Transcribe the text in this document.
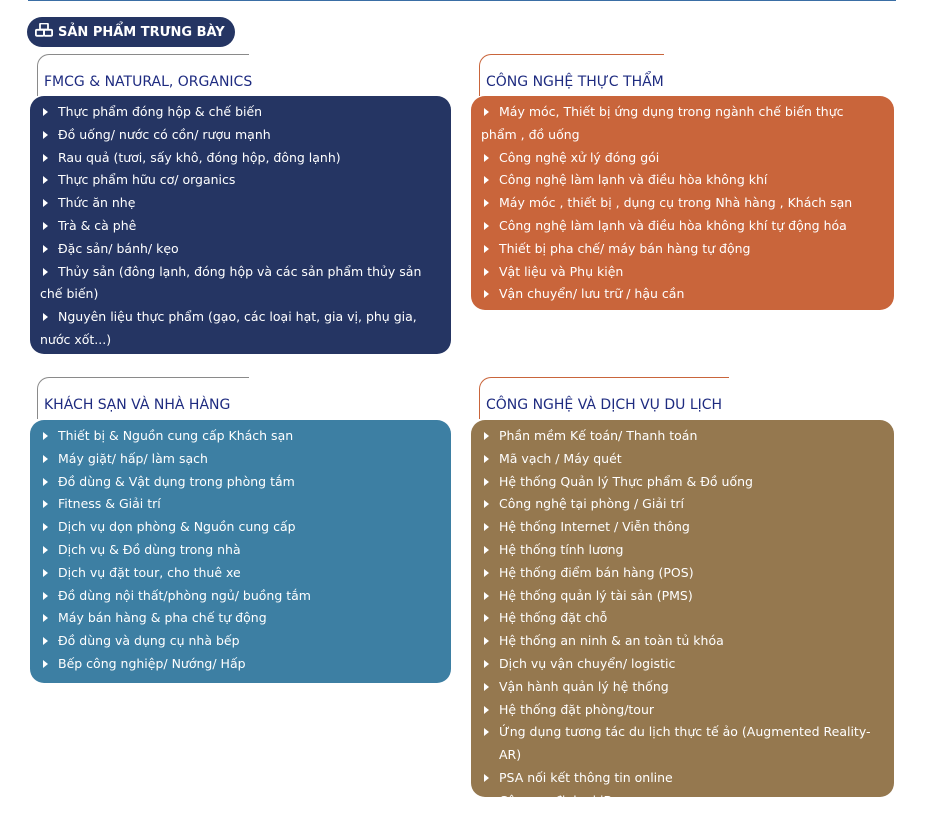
SẢN PHẨM TRƯNG BÀY
FMCG & NATURAL, ORGANICS
Thực phẩm đóng hộp & chế biến
Đồ uống/ nước có cồn/ rượu mạnh
Rau quả (tươi, sấy khô, đóng hộp, đông lạnh)
Thực phẩm hữu cơ/ organics
Thức ăn nhẹ
Trà & cà phê
Đặc sản/ bánh/ kẹo
Thủy sản (đông lạnh, đóng hộp và các sản phẩm thủy sản chế biến)
Nguyên liệu thực phẩm (gạo, các loại hạt, gia vị, phụ gia, nước xốt...)
CÔNG NGHỆ THỰC THẨM
Máy móc, Thiết bị ứng dụng trong ngành chế biến thực phẩm , đồ uống
Công nghệ xử lý đóng gói
Công nghệ làm lạnh và điều hòa không khí
Máy móc , thiết bị , dụng cụ trong Nhà hàng , Khách sạn
Công nghệ làm lạnh và điều hòa không khí tự động hóa
Thiết bị pha chế/ máy bán hàng tự động
Vật liệu và Phụ kiện
Vận chuyển/ lưu trữ / hậu cần
KHÁCH SẠN VÀ NHÀ HÀNG
Thiết bị & Nguồn cung cấp Khách sạn
Máy giặt/ hấp/ làm sạch
Đồ dùng & Vật dụng trong phòng tắm
Fitness & Giải trí
Dịch vụ dọn phòng & Nguồn cung cấp
Dịch vụ & Đồ dùng trong nhà
Dịch vụ đặt tour, cho thuê xe
Đồ dùng nội thất/phòng ngủ/ buồng tắm
Máy bán hàng & pha chế tự động
Đồ dùng và dụng cụ nhà bếp
Bếp công nghiệp/ Nướng/ Hấp
CÔNG NGHỆ VÀ DỊCH VỤ DU LỊCH
Phần mềm Kế toán/ Thanh toán
Mã vạch / Máy quét
Hệ thống Quản lý Thực phẩm & Đồ uống
Công nghệ tại phòng / Giải trí
Hệ thống Internet / Viễn thông
Hệ thống tính lương
Hệ thống điểm bán hàng (POS)
Hệ thống quản lý tài sản (PMS)
Hệ thống đặt chỗ
Hệ thống an ninh & an toàn tủ khóa
Dịch vụ vận chuyển/ logistic
Vận hành quản lý hệ thống
Hệ thống đặt phòng/tour
Ứng dụng tương tác du lịch thực tế ảo (Augmented Reality-AR)
PSA nối kết thông tin online
Công cụ định vị iBeacons
